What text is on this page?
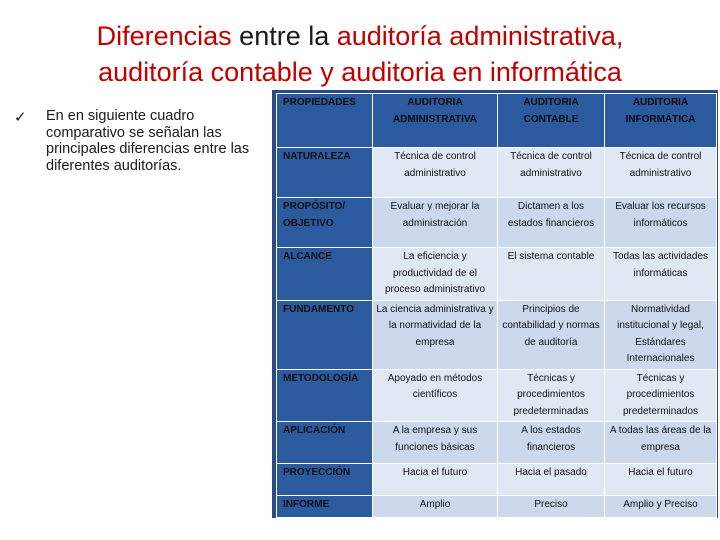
Diferencias entre la auditoría administrativa,
auditoría contable y auditoria en informática
✓ En en siguiente cuadro comparativo se señalan las principales diferencias entre las diferentes auditorías.
PROPIEDADES	AUDITORIA ADMINISTRATIVA	AUDITORIA CONTABLE	AUDITORIA INFORMÁTICA
NATURALEZA	Técnica de control administrativo	Técnica de control administrativo	Técnica de control administrativo
PROPÓSITO/ OBJETIVO	Evaluar y mejorar la administración	Dictamen a los estados financieros	Evaluar los recursos informáticos
ALCANCE	La eficiencia y productividad de el proceso administrativo	El sistema contable	Todas las actividades informáticas
FUNDAMENTO	La ciencia administrativa y la normatividad de la empresa	Principios de contabilidad y normas de auditoría	Normatividad institucional y legal, Estándares Internacionales
METODOLOGÍA	Apoyado en métodos científicos	Técnicas y procedimientos predeterminadas	Técnicas y procedimientos predeterminados
APLICACIÓN	A la empresa y sus funciones básicas	A los estados financieros	A todas las áreas de la empresa
PROYECCIÓN	Hacia el futuro	Hacia el pasado	Hacia el futuro
INFORME	Amplio	Preciso	Amplio y Preciso
